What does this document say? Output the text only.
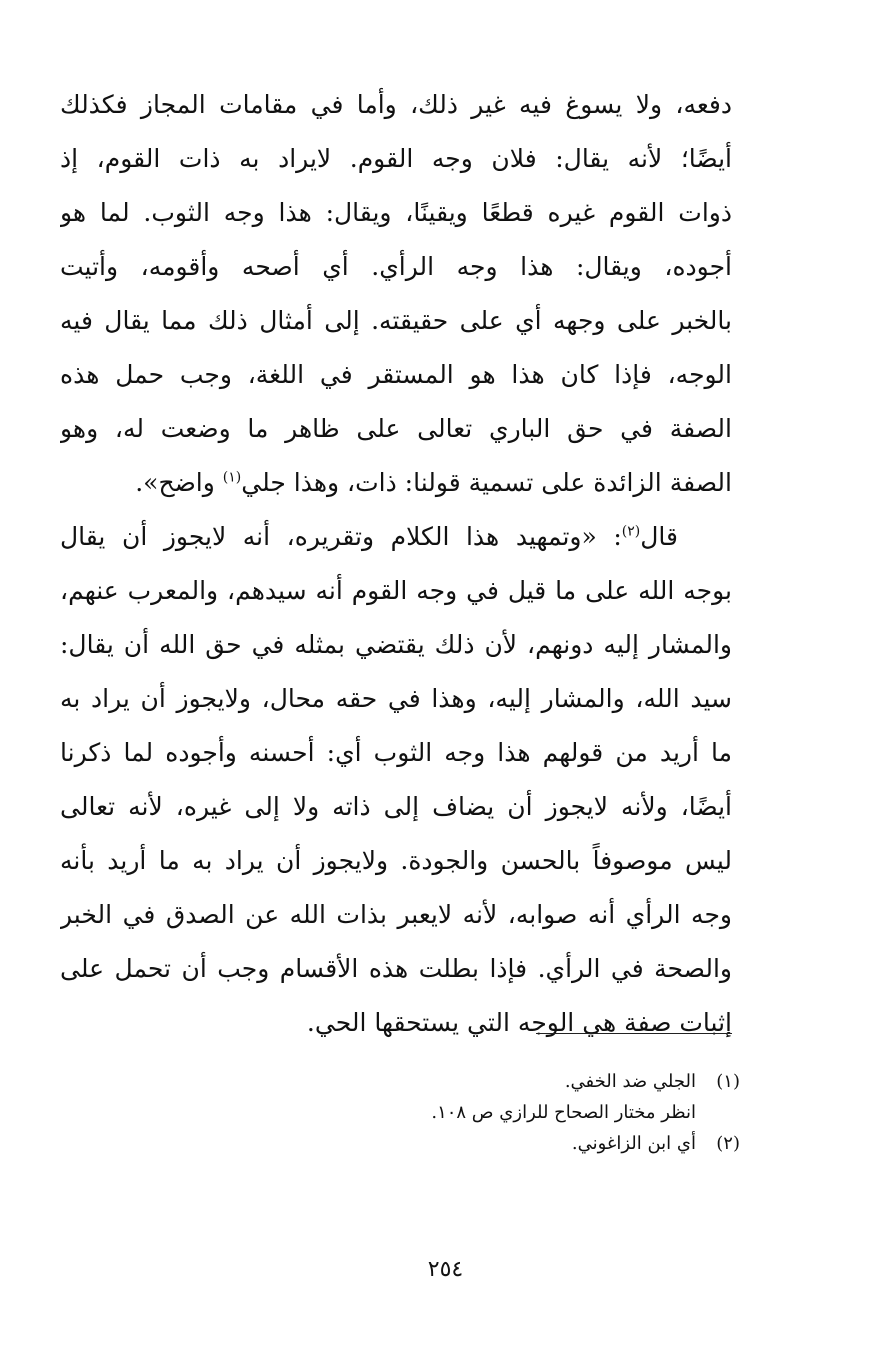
دفعه، ولا يسوغ فيه غير ذلك، وأما في مقامات المجاز فكذلك
أيضًا؛ لأنه يقال: فلان وجه القوم. لايراد به ذات القوم، إذ
ذوات القوم غيره قطعًا ويقينًا، ويقال: هذا وجه الثوب. لما هو
أجوده، ويقال: هذا وجه الرأي. أي أصحه وأقومه، وأتيت
بالخبر على وجهه أي على حقيقته. إلى أمثال ذلك مما يقال فيه
الوجه، فإذا كان هذا هو المستقر في اللغة، وجب حمل هذه
الصفة في حق الباري تعالى على ظاهر ما وضعت له، وهو
الصفة الزائدة على تسمية قولنا: ذات، وهذا جلي$^{(١)}$ واضح».
قال$^{(٢)}$: «وتمهيد هذا الكلام وتقريره، أنه لايجوز أن يقال
بوجه الله على ما قيل في وجه القوم أنه سيدهم، والمعرب عنهم،
والمشار إليه دونهم، لأن ذلك يقتضي بمثله في حق الله أن يقال:
سيد الله، والمشار إليه، وهذا في حقه محال، ولايجوز أن يراد به
ما أريد من قولهم هذا وجه الثوب أي: أحسنه وأجوده لما ذكرنا
أيضًا، ولأنه لايجوز أن يضاف إلى ذاته ولا إلى غيره، لأنه تعالى
ليس موصوفاً بالحسن والجودة. ولايجوز أن يراد به ما أريد بأنه
وجه الرأي أنه صوابه، لأنه لايعبر بذات الله عن الصدق في الخبر
والصحة في الرأي. فإذا بطلت هذه الأقسام وجب أن تحمل على
إثبات صفة هي الوجه التي يستحقها الحي.
(١)الجلي ضد الخفي.
انظر مختار الصحاح للرازي ص ١٠٨.
(٢)أي ابن الزاغوني.
٢٥٤
